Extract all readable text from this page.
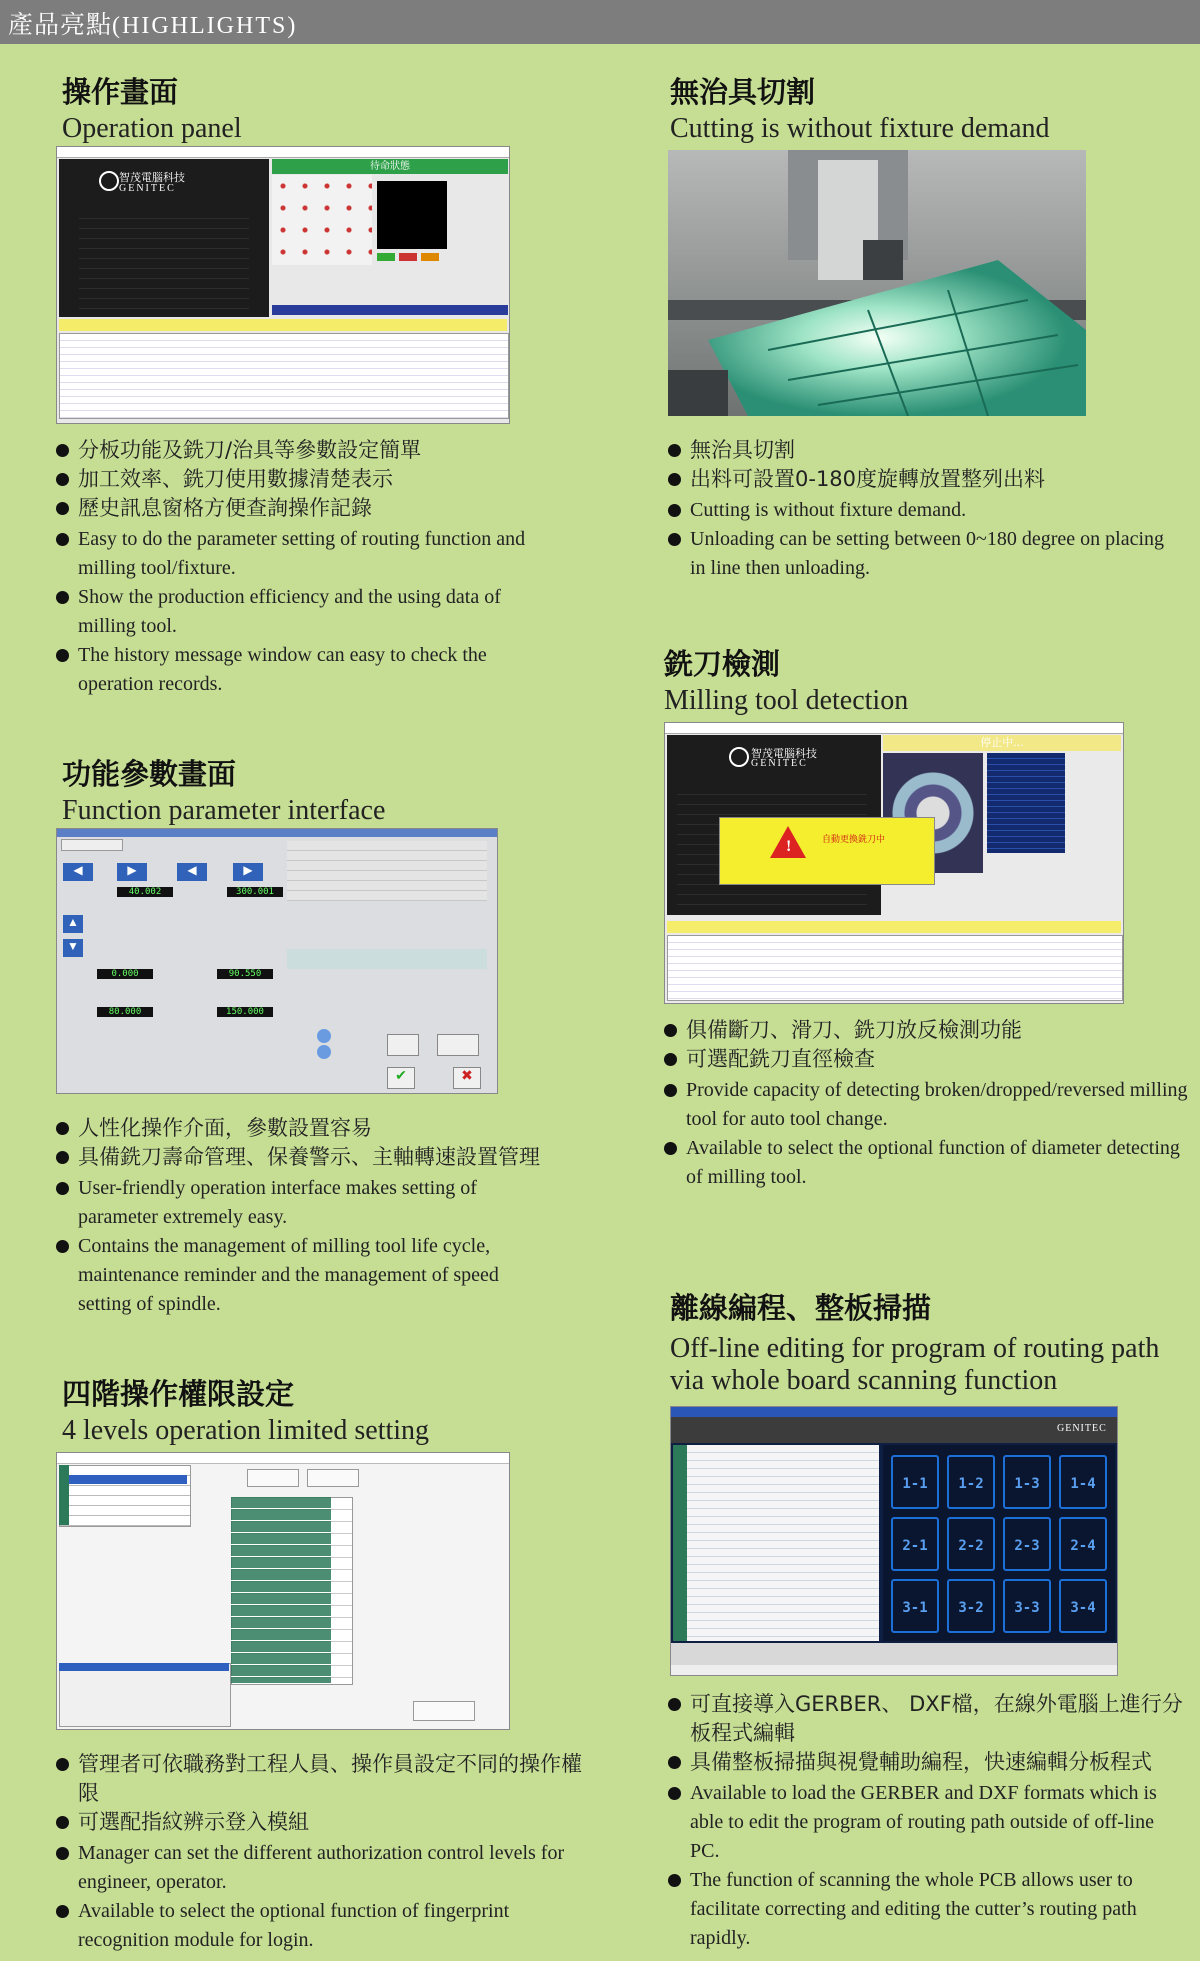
產品亮點(HIGHLIGHTS)
操作畫面
Operation panel
智茂電腦科技
GENITEC
待命狀態
分板功能及銑刀/治具等參數設定簡單
加工效率、銑刀使用數據清楚表示
歷史訊息窗格方便查詢操作記錄
Easy to do the parameter setting of routing function and milling tool/fixture.
Show the production efficiency and the using data of milling tool.
The history message window can easy to check the operation records.
無治具切割
Cutting is without fixture demand
無治具切割
出料可設置0-180度旋轉放置整列出料
Cutting is without fixture demand.
Unloading can be setting between 0~180 degree on placing in line then unloading.
功能參數畫面
Function parameter interface
◀	▶
40.002
◀	▶
300.001
▲
▼
0.000	90.550
80.000	150.000
✔	✖
人性化操作介面，參數設置容易
具備銑刀壽命管理、保養警示、主軸轉速設置管理
User-friendly operation interface makes setting of parameter extremely easy.
Contains the management of milling tool life cycle, maintenance reminder and the management of speed setting of spindle.
銑刀檢測
Milling tool detection
智茂電腦科技
GENITEC
停止中...
!	自動更換銑刀中
俱備斷刀、滑刀、銑刀放反檢測功能
可選配銑刀直徑檢查
Provide capacity of detecting broken/dropped/reversed milling tool for auto tool change.
Available to select the optional function of diameter detecting of milling tool.
四階操作權限設定
4 levels operation limited setting
管理者可依職務對工程人員、操作員設定不同的操作權限
可選配指紋辨示登入模組
Manager can set the different authorization control levels for engineer, operator.
Available to select the optional function of fingerprint recognition module for login.
離線編程、整板掃描
Off-line editing for program of routing path
via whole board scanning function
GENITEC
1-1	1-2	1-3	1-4
2-1	2-2	2-3	2-4
3-1	3-2	3-3	3-4
可直接導入GERBER、 DXF檔，在線外電腦上進行分板程式編輯
具備整板掃描與視覺輔助編程，快速編輯分板程式
Available to load the GERBER and DXF formats which is able to edit the program of routing path outside of off-line PC.
The function of scanning the whole PCB allows user to facilitate correcting and editing the cutter’s routing path rapidly.
